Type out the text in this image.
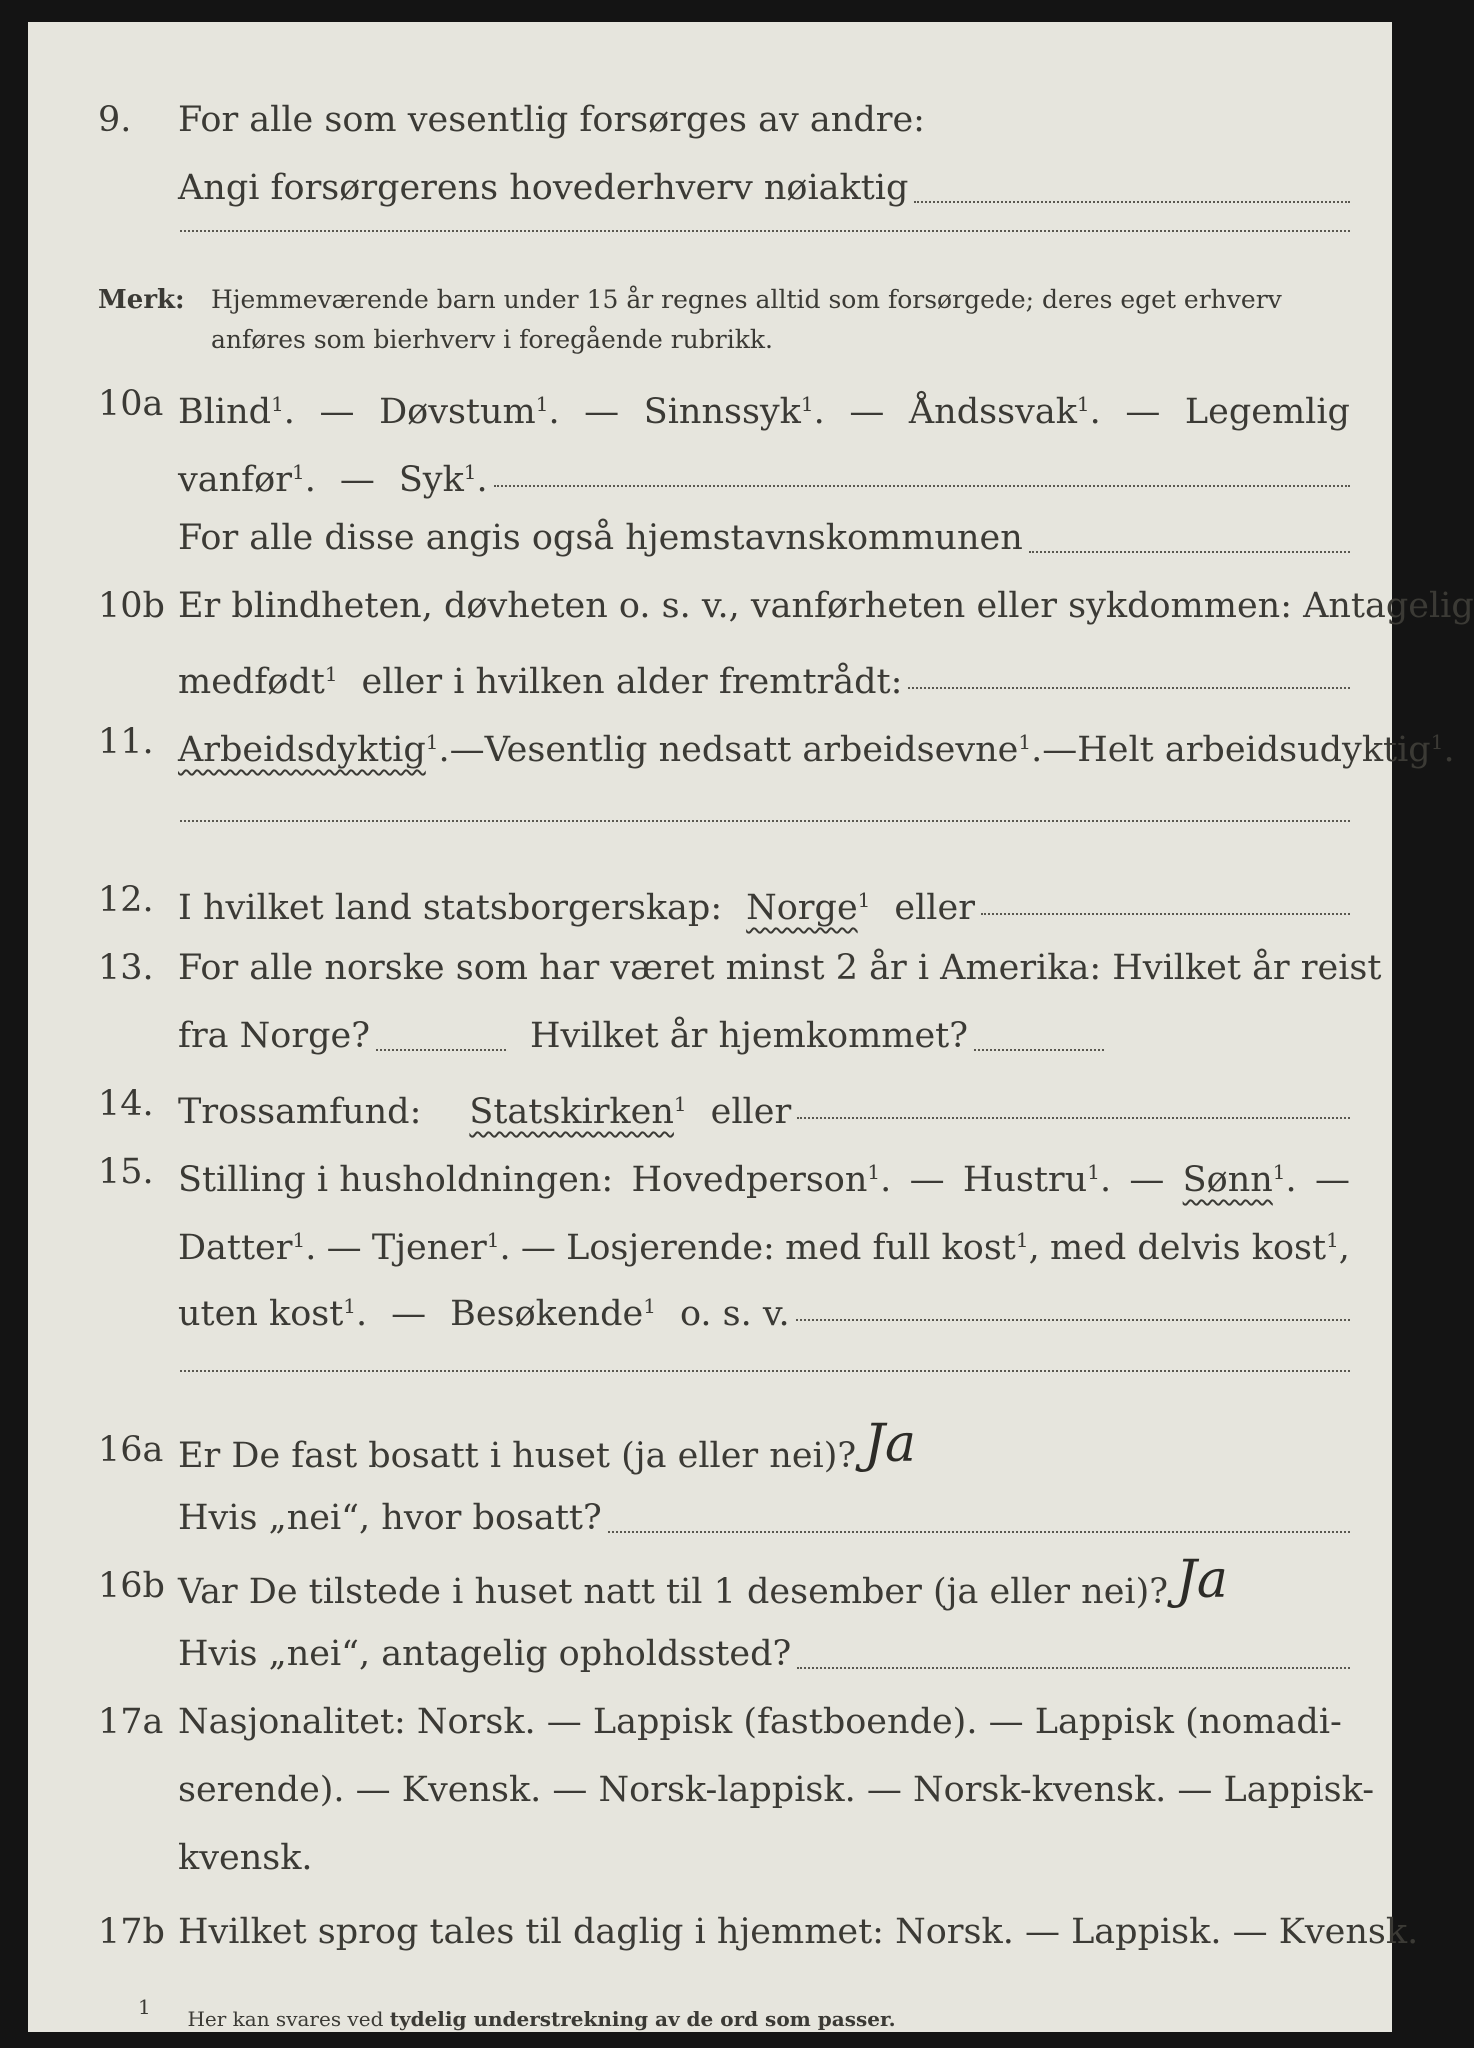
9. For alle som vesentlig forsørges av andre:
Angi forsørgerens hovederhverv nøiaktig
Merk: Hjemmeværende barn under 15 år regnes alltid som forsørgede; deres eget erhverv
anføres som bierhverv i foregående rubrikk.
10a Blind$^1$. — Døvstum$^1$. — Sinnssyk$^1$. — Åndssvak$^1$. — Legemlig
vanfør$^1$. — Syk$^1$.
For alle disse angis også hjemstavnskommunen
10b Er blindheten, døvheten o. s. v., vanførheten eller sykdommen: Antagelig
medfødt$^1$ eller i hvilken alder fremtrådt:
11. Arbeidsdyktig$^1$. — Vesentlig nedsatt arbeidsevne$^1$. — Helt arbeidsudyktig$^1$.
12. I hvilket land statsborgerskap: Norge$^1$ eller
13. For alle norske som har været minst 2 år i Amerika: Hvilket år reist
fra Norge?	Hvilket år hjemkommet?
14. Trossamfund: Statskirken$^1$ eller
15. Stilling i husholdningen: Hovedperson$^1$. — Hustru$^1$. — Sønn$^1$. —
Datter$^1$. — Tjener$^1$. — Losjerende: med full kost$^1$, med delvis kost$^1$,
uten kost$^1$. — Besøkende$^1$ o. s. v.
16a Er De fast bosatt i huset (ja eller nei)? Ja
Hvis „nei“, hvor bosatt?
16b Var De tilstede i huset natt til 1 desember (ja eller nei)? Ja
Hvis „nei“, antagelig opholdssted?
17a Nasjonalitet: Norsk. — Lappisk (fastboende). — Lappisk (nomadi-
serende). — Kvensk. — Norsk-lappisk. — Norsk-kvensk. — Lappisk-
kvensk.
17b Hvilket sprog tales til daglig i hjemmet: Norsk. — Lappisk. — Kvensk.
1 Her kan svares ved tydelig understrekning av de ord som passer.
